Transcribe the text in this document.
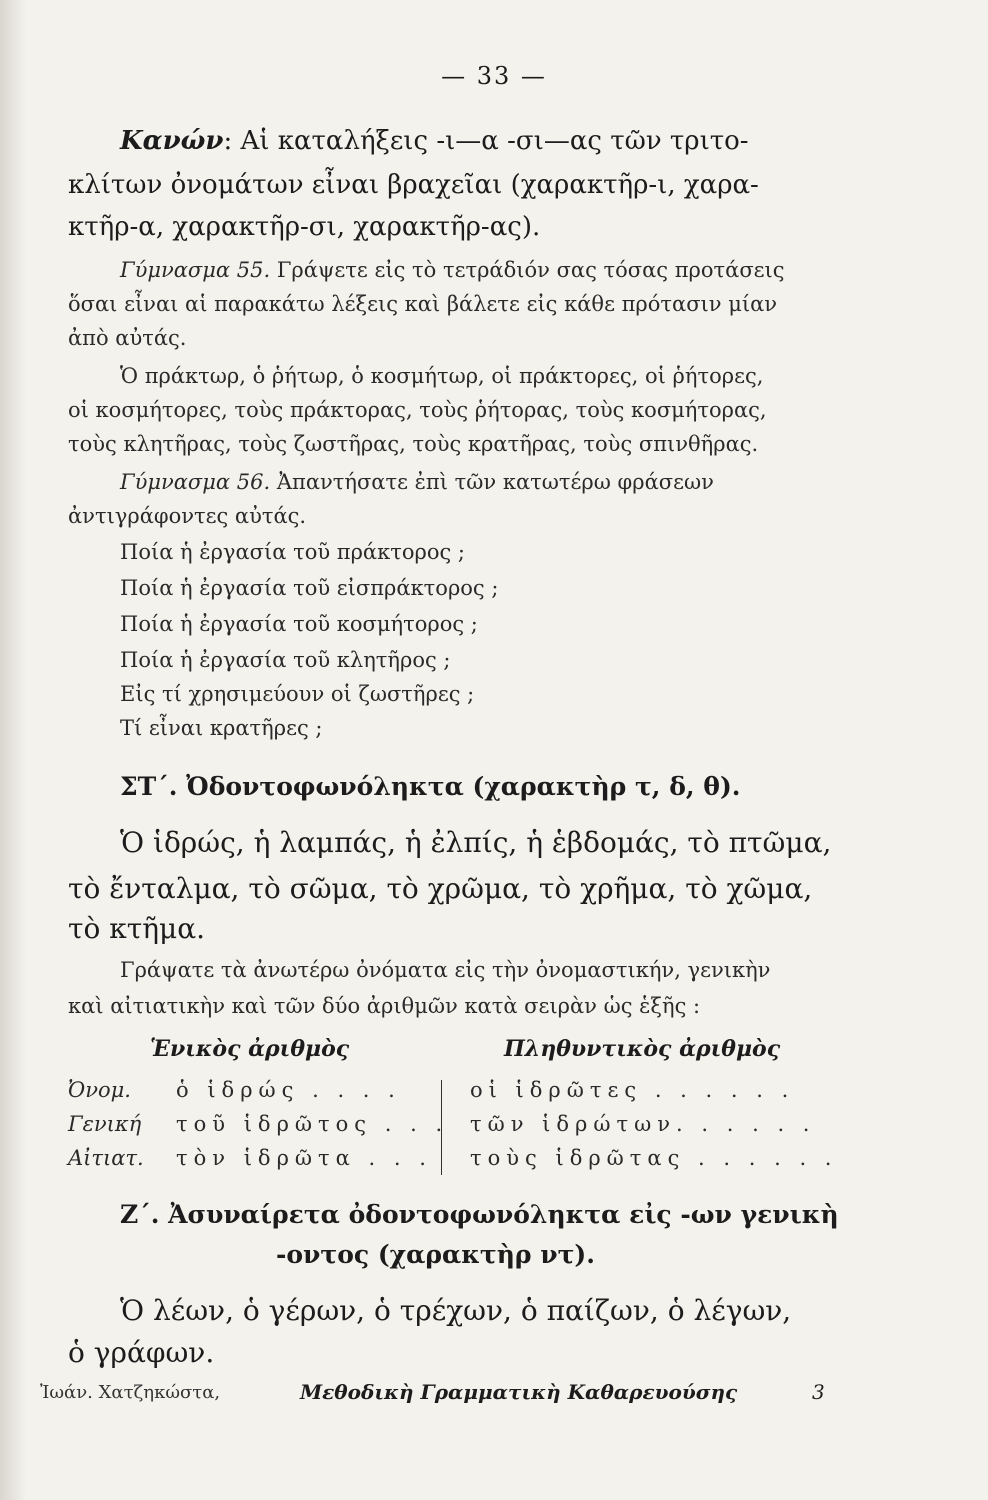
— 33 —
Κανών: Αἱ καταλήξεις -ι—α -σι—ας τῶν τριτο-
κλίτων ὀνομάτων εἶναι βραχεῖαι (χαρακτῆρ-ι, χαρα-
κτῆρ-α, χαρακτῆρ-σι, χαρακτῆρ-ας).
Γύμνασμα 55. Γράψετε εἰς τὸ τετράδιόν σας τόσας προτάσεις
ὅσαι εἶναι αἱ παρακάτω λέξεις καὶ βάλετε εἰς κάθε πρότασιν μίαν
ἀπὸ αὐτάς.
Ὁ πράκτωρ, ὁ ῥήτωρ, ὁ κοσμήτωρ, οἱ πράκτορες, οἱ ῥήτορες,
οἱ κοσμήτορες, τοὺς πράκτορας, τοὺς ῥήτορας, τοὺς κοσμήτορας,
τοὺς κλητῆρας, τοὺς ζωστῆρας, τοὺς κρατῆρας, τοὺς σπινθῆρας.
Γύμνασμα 56. Ἀπαντήσατε ἐπὶ τῶν κατωτέρω φράσεων
ἀντιγράφοντες αὐτάς.
Ποία ἡ ἐργασία τοῦ πράκτορος ;
Ποία ἡ ἐργασία τοῦ εἰσπράκτορος ;
Ποία ἡ ἐργασία τοῦ κοσμήτορος ;
Ποία ἡ ἐργασία τοῦ κλητῆρος ;
Εἰς τί χρησιμεύουν οἱ ζωστῆρες ;
Τί εἶναι κρατῆρες ;
ΣΤ΄. Ὀδοντοφωνόληκτα (χαρακτὴρ τ, δ, θ).
Ὁ ἱδρώς, ἡ λαμπάς, ἡ ἐλπίς, ἡ ἑβδομάς, τὸ πτῶμα,
τὸ ἔνταλμα, τὸ σῶμα, τὸ χρῶμα, τὸ χρῆμα, τὸ χῶμα,
τὸ κτῆμα.
Γράψατε τὰ ἀνωτέρω ὀνόματα εἰς τὴν ὀνομαστικήν, γενικὴν
καὶ αἰτιατικὴν καὶ τῶν δύο ἀριθμῶν κατὰ σειρὰν ὡς ἑξῆς :
Ἑνικὸς ἀριθμὸς	Πληθυντικὸς ἀριθμὸς
Ὀνομ. ὁ ἱδρώς . . . .	οἱ ἱδρῶτες . . . . . .
Γενική τοῦ ἱδρῶτος . . . τῶν ἱδρώτων. . . . . .
Αἰτιατ. τὸν ἱδρῶτα . . . τοὺς ἱδρῶτας . . . . . .
Ζ΄. Ἀσυναίρετα ὀδοντοφωνόληκτα εἰς -ων γενικὴ
-οντος (χαρακτὴρ ντ).
Ὁ λέων, ὁ γέρων, ὁ τρέχων, ὁ παίζων, ὁ λέγων,
ὁ γράφων.
Ἰωάν. Χατζηκώστα,	Μεθοδικὴ Γραμματικὴ Καθαρευούσης	3
